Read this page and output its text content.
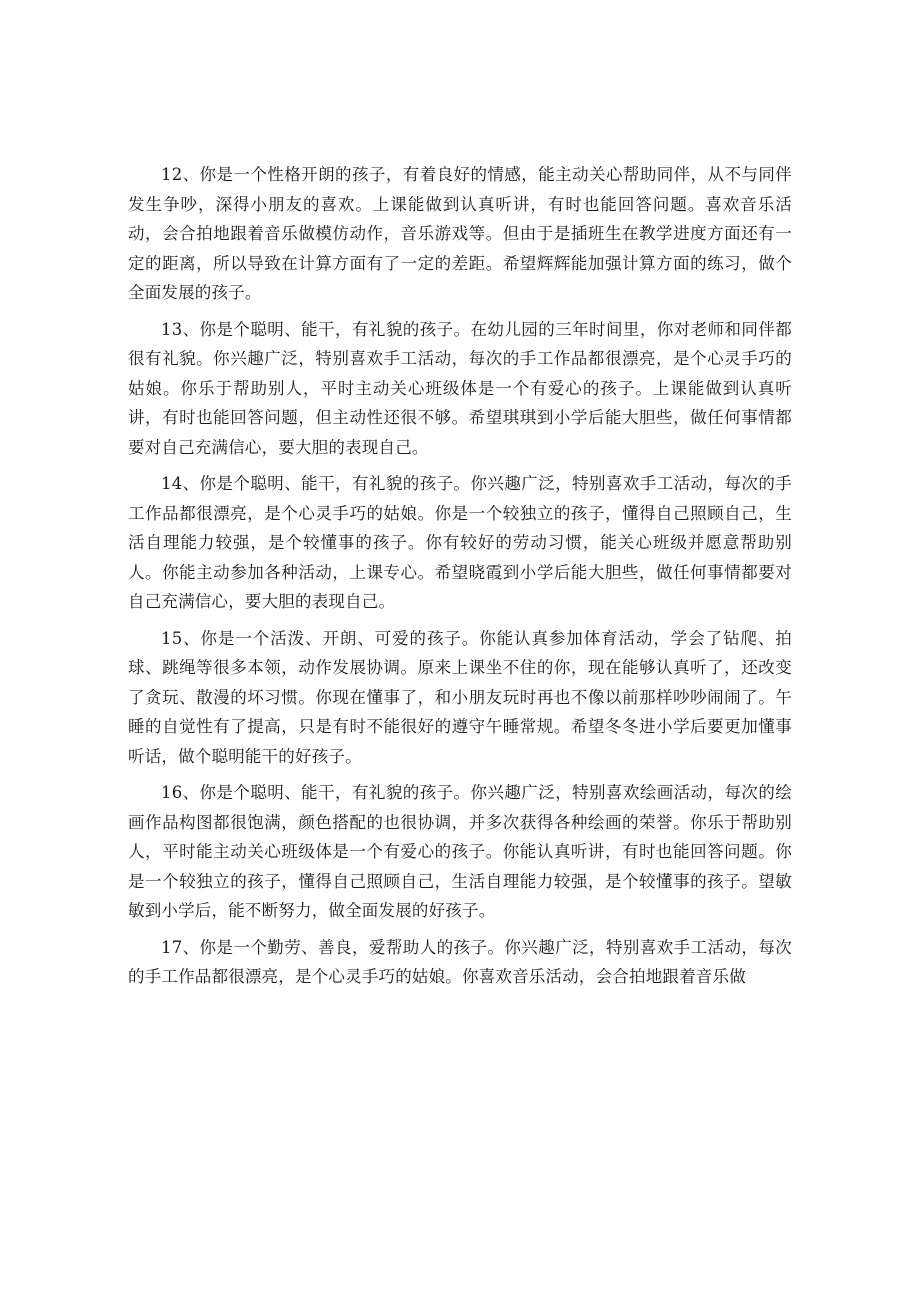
12、你是一个性格开朗的孩子，有着良好的情感，能主动关心帮助同伴，从不与同伴发生争吵，深得小朋友的喜欢。上课能做到认真听讲，有时也能回答问题。喜欢音乐活动，会合拍地跟着音乐做模仿动作，音乐游戏等。但由于是插班生在教学进度方面还有一定的距离，所以导致在计算方面有了一定的差距。希望辉辉能加强计算方面的练习，做个全面发展的孩子。

13、你是个聪明、能干，有礼貌的孩子。在幼儿园的三年时间里，你对老师和同伴都很有礼貌。你兴趣广泛，特别喜欢手工活动，每次的手工作品都很漂亮，是个心灵手巧的姑娘。你乐于帮助别人，平时主动关心班级体是一个有爱心的孩子。上课能做到认真听讲，有时也能回答问题，但主动性还很不够。希望琪琪到小学后能大胆些，做任何事情都要对自己充满信心，要大胆的表现自己。

14、你是个聪明、能干，有礼貌的孩子。你兴趣广泛，特别喜欢手工活动，每次的手工作品都很漂亮，是个心灵手巧的姑娘。你是一个较独立的孩子，懂得自己照顾自己，生活自理能力较强，是个较懂事的孩子。你有较好的劳动习惯，能关心班级并愿意帮助别人。你能主动参加各种活动，上课专心。希望晓霞到小学后能大胆些，做任何事情都要对自己充满信心，要大胆的表现自己。

15、你是一个活泼、开朗、可爱的孩子。你能认真参加体育活动，学会了钻爬、拍球、跳绳等很多本领，动作发展协调。原来上课坐不住的你，现在能够认真听了，还改变了贪玩、散漫的坏习惯。你现在懂事了，和小朋友玩时再也不像以前那样吵吵闹闹了。午睡的自觉性有了提高，只是有时不能很好的遵守午睡常规。希望冬冬进小学后要更加懂事听话，做个聪明能干的好孩子。

16、你是个聪明、能干，有礼貌的孩子。你兴趣广泛，特别喜欢绘画活动，每次的绘画作品构图都很饱满，颜色搭配的也很协调，并多次获得各种绘画的荣誉。你乐于帮助别人，平时能主动关心班级体是一个有爱心的孩子。你能认真听讲，有时也能回答问题。你是一个较独立的孩子，懂得自己照顾自己，生活自理能力较强，是个较懂事的孩子。望敏敏到小学后，能不断努力，做全面发展的好孩子。

17、你是一个勤劳、善良，爱帮助人的孩子。你兴趣广泛，特别喜欢手工活动，每次的手工作品都很漂亮，是个心灵手巧的姑娘。你喜欢音乐活动，会合拍地跟着音乐做
